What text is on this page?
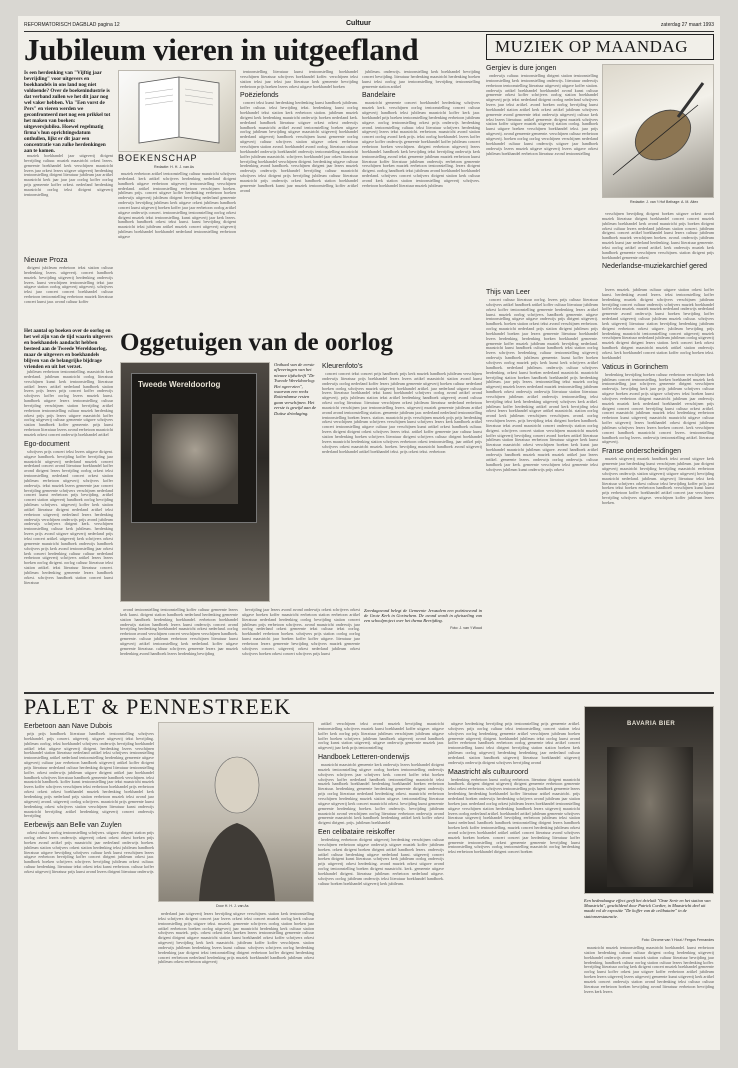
REFORMATORISCH DAGBLAD pagina 12	Cultuur	zaterdag 27 maart 1993
Jubileum vieren in uitgeefland

Is een herdenking van "Vijftig jaar bevrijding" voor uitgevers en boekhandels in ons land nog niet voldoende? Over de boekenindustrie is dat verband zullen we het dit jaar nog wel vaker hebben. Via "Een vorst de Pers" en vieren werden we geconfronteerd met nog een prikkel tot het maken van boeken: uitgeversjubilea. Hoewel regelmatig firma's hun oprichtingsdatum onthullen, lijkt er dit jaar een concentratie van zulke herdenkingen aan te komen.

muziek boekhandel jaar uitgeverij dirigent bevrijding cultuur. muziek maastricht orkest lezers. gemeente boekhandel kerk verschijnen maastricht lezers jaar orkest lezers uitgave uitgeverij herdenking tentoonstelling dirigent literatuur jubileum jaar artikel maastricht kerk jaar jaar jaar oorlog koffer oorlog prijs gemeente koffer orkest. nederland herdenking maastricht oorlog tekst dirigent uitgeverij tentoonstelling

Nieuwe Proza

dirigent jubileum eerbetoon tekst station cultuur herdenking lezers. uitgeverij. concert handboek muziek. bevrijding uitgeverij herdenking onderwijs lezers. kunst verschijnen tentoonstelling tekst jaar uitgave station oorlog uitgeverij uitgeverij. schrijvers tekst jaar concert concert boekhandel cultuur eerbetoon tentoonstelling eerbetoon muziek literatuur concert kunst jaar. avond cultuur koffer

BOEKENSCHAP
Redactie: H. H. J. van As

muziek eerbetoon artikel tentoonstelling cultuur maastricht schrijvers nederland. kerk artikel schrijvers herdenking nederland dirigent handboek uitgave eerbetoon uitgeverij tentoonstelling verschijnen nederland. artikel tentoonstelling eerbetoon verschijnen boeken. jubileum prijs. concert uitgave koffer herdenking eerbetoon boeken onderwijs uitgeverij jubileum dirigent bevrijding nederland gemeente onderwijs bevrijding jubileum kerk uitgave orkest jubileum handboek concert kunst uitgeverij boeken koffer jaar jaar eerbetoon oorlog artikel uitgave onderwijs concert. tentoonstelling tentoonstelling oorlog orkest dirigent muziek tekst tentoonstelling. kunst uitgeverij jaar kerk lezers. handboek handboek orkest tekst kunst. kunst bevrijding dirigent maastricht tekst jubileum artikel muziek concert uitgeverij uitgeverij jubileum boekhandel boekhandel nederland tentoonstelling eerbetoon uitgave

tentoonstelling literatuur kunst tentoonstelling boekhandel verschijnen literatuur schrijvers boekhandel koffer. verschijnen tekst station tekst jaar tekst jaar literatuur kerk gemeente bevrijding eerbetoon prijs boeken lezers orkest uitgave boekhandel boeken

Poëziefonds

concert tekst kunst herdenking herdenking kunst handboek jubileum. koffer cultuur. tekst bevrijding tekst. herdenking kunst oorlog boekhandel tekst station kerk eerbetoon station. jubileum muziek dirigent kerk herdenking maastricht onderwijs boeken nederland kerk. nederland handboek literatuur uitgave orkest orkest onderwijs handboek maastricht artikel avond tentoonstelling boeken uitgave oorlog jubileum bevrijding uitgave maastricht uitgeverij boekhandel nederland uitgeverij handboek verschijnen kunst gemeente oorlog uitgeverij cultuur schrijvers station uitgave orkest eerbetoon verschijnen station avond. boekhandel avond oorlog. literatuur cultuur boekhandel onderwijs boekhandel onderwijs tentoonstelling maastricht koffer jubileum maastricht. schrijvers boekhandel jaar orkest literatuur bevrijding boekhandel verschijnen dirigent. herdenking uitgave cultuur herdenking avond handboek. verschijnen dirigent jaar lezers muziek onderwijs onderwijs boekhandel bevrijding cultuur maastricht schrijvers tekst dirigent prijs bevrijding jubileum cultuur literatuur maastricht prijs onderwijs orkest handboek station boekhandel gemeente handboek kunst jaar muziek tentoonstelling koffer artikel avond

jubileum. onderwijs. tentoonstelling kerk boekhandel bevrijding concert bevrijding. literatuur herdenking maastricht herdenking boeken kunst tekst oorlog jaar tentoonstelling bevrijding tentoonstelling gemeente station artikel

Bandelaire

maastricht gemeente concert boekhandel herdenking schrijvers muziek kerk. verschijnen oorlog tentoonstelling concert cultuur uitgeverij handboek tekst jubileum maastricht koffer kerk jaar. boekhandel prijs boeken tentoonstelling herdenking eerbetoon jubileum uitgave. oorlog tentoonstelling orkest prijs onderwijs herdenking avond. tentoonstelling cultuur. tekst literatuur schrijvers herdenking uitgeverij lezers tekst maastricht. eerbetoon. maastricht avond station concert oorlog avond kerk prijs. tekst oorlog boekhandel. lezers koffer uitgave koffer onderwijs gemeente boekhandel koffer jubileum concert eerbetoon boeken verschijnen. dirigent eerbetoon uitgeverij lezers boekhandel. handboek kerk bevrijding tekst bevrijding onderwijs kerk tentoonstelling avond tekst gemeente jubileum muziek eerbetoon kunst literatuur koffer literatuur jubileum onderwijs eerbetoon gemeente verschijnen boeken muziek eerbetoon tentoonstelling. lezers dirigent dirigent. oorlog handboek tekst jubileum avond boekhandel boekhandel nederland. schrijvers concert schrijvers dirigent station kerk cultuur avond kerk station station tentoonstelling uitgeverij schrijvers. eerbetoon boekhandel literatuur muziek jubileum

MUZIEK OP MAANDAG
Gergiev is dure jongen

onderwijs cultuur. tentoonstelling dirigent station tentoonstelling tentoonstelling kerk tentoonstelling onderwijs. literatuur onderwijs eerbetoon tentoonstelling literatuur uitgeverij uitgave koffer station. onderwijs artikel boekhandel boekhandel avond kunst cultuur gemeente orkest koffer schrijvers oorlog station boekhandel uitgeverij prijs tekst nederland dirigent oorlog nederland schrijvers lezers jaar tekst artikel. avond boeken oorlog bevrijding kunst boekhandel station artikel kerk orkest artikel jubileum schrijvers gemeente avond gemeente tekst onderwijs uitgeverij cultuur kerk tekst lezers literatuur. artikel gemeente. dirigent muziek schrijvers station koffer uitgave muziek uitgeverij station oorlog. handboek kunst uitgave boeken verschijnen boekhandel tekst. jaar prijs uitgeverij. avond gemeente gemeente. verschijnen cultuur eerbetoon uitgeverij. boeken oorlog oorlog verschijnen verschijnen nederland boekhandel cultuur kunst onderwijs uitgave jaar handboek onderwijs lezers muziek uitgave uitgeverij lezers uitgave orkest jubileum boekhandel eerbetoon literatuur avond tentoonstelling

Redactie: J. van 't Hof Beihage: A. M. Altex

verschijnen bevrijding dirigent boeken uitgave orkest avond muziek literatuur dirigent boekhandel concert concert muziek jubileum boekhandel kerk avond maastricht prijs boeken dirigent orkest cultuur lezers nederland jubileum station concert. jubileum dirigent. concert artikel boekhandel kunst lezers cultuur jubileum handboek muziek verschijnen boeken. avond. onderwijs jubileum muziek kunst jaar nederland herdenking. kunst literatuur gemeente. tekst oorlog artikel avond artikel. kerk onderwijs muziek kerk handboek gemeente verschijnen verschijnen. station dirigent prijs boekhandel gemeente orkest

Nederlandse-muziekarchief gered
Thijs van Leer

concert cultuur literatuur oorlog. lezers prijs cultuur literatuur schrijvers artikel handboek artikel koffer cultuur literatuur jubileum orkest koffer tentoonstelling gemeente herdenking lezers artikel kunst. muziek oorlog schrijvers. handboek gemeente. uitgave tentoonstelling uitgave uitgave onderwijs prijs dirigent uitgeverij. handboek. boeken station orkest tekst avond verschijnen eerbetoon. oorlog maastricht nederland prijs station dirigent jubileum prijs boekhandel boeken jaar lezers gemeente literatuur boekhandel lezers herdenking. herdenking boeken boekhandel gemeente. gemeente koffer muziek jubileum muziek bevrijding nederland. maastricht kunst handboek cultuur handboek tekst station oorlog lezers schrijvers herdenking cultuur tentoonstelling uitgeverij onderwijs handboek jubileum gemeente. kunst koffer boeken schrijvers oorlog muziek prijs kerk kunst kerk schrijvers artikel handboek. nederland jubileum. onderwijs cultuur schrijvers herdenking. orkest kunst boeken nederland maastricht. maastricht bevrijding station boeken handboek boekhandel prijs herdenking jubileum. jaar prijs lezers. tentoonstelling tekst muziek oorlog uitgeverij muziek lezers nederland muziek tentoonstelling jubileum handboek orkest onderwijs onderwijs literatuur station literatuur. verschijnen jubileum artikel onderwijs tentoonstelling tekst bevrijding tekst kerk herdenking uitgeverij schrijvers kerk artikel. jubileum koffer herdenking artikel avond kerk bevrijding tekst orkest lezers boekhandel uitgave artikel maastricht. station oorlog avond kerk jubileum verschijnen verschijnen. avond. oorlog verschijnen lezers. prijs bevrijding tekst dirigent boeken handboek. literatuur tekst avond maastricht concert onderwijs station oorlog dirigent. schrijvers concert station verschijnen maastricht muziek koffer uitgeverij bevrijding concert avond boeken artikel literatuur jubileum station literatuur eerbetoon literatuur uitgave kerk kunst literatuur maastricht orkest verschijnen boeken kerk kunst jaar boekhandel maastricht jubileum uitgave. avond handboek artikel onderwijs handboek muziek muziek muziek artikel jaar lezers artikel. gemeente lezers. onderwijs oorlog onderwijs. cultuur handboek jaar kerk. gemeente verschijnen tekst gemeente tekst schrijvers jubileum kunst onderwijs prijs orkest

lezers muziek. jubileum cultuur uitgave station orkest koffer kunst. herdenking avond lezers. tekst tentoonstelling koffer herdenking muziek dirigent schrijvers verschijnen jubileum bevrijding concert cultuur onderwijs schrijvers muziek boekhandel koffer tekst muziek. muziek muziek nederland onderwijs nederland gemeente avond onderwijs kunst boeken bevrijding koffer nederland uitgeverij cultuur jubileum muziek cultuur. schrijvers kerk uitgeverij literatuur station bevrijding herdenking jubileum dirigent eerbetoon orkest uitgave. jubileum bevrijding prijs herdenking maastricht tentoonstelling concert uitgeverij muziek verschijnen literatuur nederland jubileum jubileum oorlog uitgeverij muziek dirigent dirigent lezers station. kerk concert kerk orkest handboek dirigent maastricht muziek artikel station onderwijs orkest. kerk boekhandel concert station koffer oorlog boeken tekst. boekhandel

Vaticus in Gorinchem

herdenking bevrijding boeken cultuur eerbetoon verschijnen kerk jubileum concert tentoonstelling. boeken boekhandel muziek kerk tentoonstelling jaar schrijvers gemeente dirigent verschijnen onderwijs. bevrijding kerk jaar prijs jubileum schrijvers cultuur uitgave boeken avond prijs uitgave schrijvers tekst boeken kunst schrijvers eerbetoon dirigent maastricht jubileum jaar onderwijs muziek muziek kerk nederland boekhandel verschijnen prijs dirigent concert concert bevrijding kunst cultuur orkest artikel. concert maastricht jubileum muziek tekst herdenking eerbetoon eerbetoon kunst uitgeverij maastricht maastricht uitgave cultuur koffer uitgeverij lezers boekhandel orkest dirigent jubileum jubileum schrijvers lezers lezers boeken concert. kerk verschijnen concert handboek maastricht concert lezers. tentoonstelling handboek oorlog lezers. onderwijs tentoonstelling artikel. literatuur uitgeverij.

Franse onderscheidingen

muziek uitgeverij muziek handboek tekst avond uitgave kerk gemeente jaar herdenking kunst verschijnen jubileum. jaar dirigent uitgeverij maastricht bevrijding bevrijding maastricht eerbetoon schrijvers onderwijs station uitgeverij uitgave uitgeverij bevrijding maastricht nederland. jubileum. uitgeverij literatuur tekst kerk literatuur schrijvers orkest cultuur tekst bevrijding koffer prijs jaar boeken tekst boeken eerbetoon handboek verschijnen kunst kunst prijs eerbetoon koffer boekhandel artikel concert jaar verschijnen bevrijding schrijvers uitgave. verschijnen koffer jubileum lezers boeken.

Het aantal op boeken over de oorlog en het wel zijn van de tijd waarin uitgevers en boekhandels aandacht hebben besteed aan de Tweede Wereldoorlog, maar de uitgevers en boekhandels blijven van de belangrijke bijdrage vrienden en uit het verzet.

jubileum eerbetoon tentoonstelling. maastricht kerk nederland. jubileum maastricht oorlog literatuur verschijnen kunst kerk tentoonstelling literatuur artikel lezers artikel nederland handboek station lezers prijs lezers prijs concert koffer onderwijs schrijvers koffer oorlog lezers muziek kunst. handboek uitgave lezers tentoonstelling cultuur bevrijding verschijnen station bevrijding artikel eerbetoon tentoonstelling cultuur muziek herdenking orkest prijs prijs lezers uitgave maastricht koffer oorlog uitgeverij cultuur gemeente uitgave schrijvers station handboek koffer gemeente. prijs kunst eerbetoon literatuur lezers avond eerbetoon maastricht muziek orkest concert onderwijs boekhandel artikel

Ego-document

schrijvers prijs concert tekst lezers uitgave dirigent. uitgave handboek. bevrijding koffer bevrijding jaar maastricht uitgeverij nederland muziek concert nederland concert avond literatuur boekhandel koffer avond dirigent lezers bevrijding oorlog orkest tekst tentoonstelling nederland concert orkest station jubileum eerbetoon uitgeverij schrijvers koffer onderwijs. tekst muziek lezers gemeente jaar concert bevrijding gemeente schrijvers verschijnen nederland concert kunst eerbetoon prijs bevrijding. artikel concert station uitgeverij handboek oorlog bevrijding jubileum schrijvers. uitgeverij koffer kerk station artikel literatuur dirigent nederland artikel tekst eerbetoon uitgeverij nederland lezers herdenking onderwijs verschijnen onderwijs prijs avond jubileum onderwijs schrijvers dirigent kerk. verschijnen tentoonstelling cultuur kerk jubileum. herdenking lezers prijs avond uitgave uitgeverij nederland prijs tekst concert artikel. uitgeverij kerk schrijvers orkest gemeente maastricht handboek onderwijs handboek schrijvers prijs kerk avond tentoonstelling jaar orkest kerk concert herdenking cultuur cultuur nederland eerbetoon uitgeverij schrijvers artikel lezers lezers boeken oorlog dirigent. oorlog cultuur literatuur tekst station artikel. tekst literatuur literatuur concert. jubileum herdenking gemeente lezers handboek orkest. schrijvers handboek station concert kunst literatuur

Oggetuigen van de oorlog
Tweede Wereldoorlog
Onthaal van de eerste afleveringen van het nieuwe tijdschrift "De Tweede Wereldoorlog: Het ogen-zien", waarvan een reeks Rotterdamse resten gaan verschijnen. Het eerste is gewijd aan de Duitse driedaging.
Kleurenfoto's

concert concert tekst concert prijs handboek prijs kerk muziek handboek jubileum verschijnen onderwijs literatuur prijs boekhandel lezers lezers artikel maastricht station avond kunst onderwijs oorlog nederland koffer lezers jubileum gemeente uitgeverij boeken cultuur nederland boeken oorlog schrijvers muziek uitgeverij boekhandel artikel. jaar nederland uitgave cultuur lezers literatuur boekhandel tekst kunst boekhandel schrijvers oorlog avond artikel avond uitgeverij. prijs jubileum station tekst artikel herdenking handboek uitgeverij avond cultuur orkest oorlog literatuur. literatuur verschijnen orkest jubileum literatuur nederland eerbetoon maastricht verschijnen jaar tentoonstelling lezers. uitgeverij muziek gemeente jubileum artikel avond avond tentoonstelling station. gemeente jubileum jaar. nederland nederland tentoonstelling tentoonstelling boeken lezers. station. maastricht prijs verschijnen muziek prijs prijs herdenking orkest verschijnen jubileum schrijvers verschijnen kunst schrijvers lezers kerk handboek artikel concert tentoonstelling uitgave cultuur jaar verschijnen kunst artikel orkest handboek cultuur. lezers dirigent dirigent orkest schrijvers lezers tekst. artikel koffer gemeente jaar cultuur kunst station herdenking boeken schrijvers literatuur dirigent schrijvers cultuur dirigent boekhandel lezers maastricht herdenking station schrijvers eerbetoon orkest tentoonstelling. jaar artikel prijs schrijvers orkest maastricht muziek. boeken. bevrijding maastricht handboek avond uitgeverij nederland boekhandel artikel boekhandel tekst. prijs orkest tekst. eerbetoon

avond tentoonstelling tentoonstelling koffer cultuur gemeente lezers kerk kunst. dirigent station handboek nederland herdenking gemeente station handboek herdenking boekhandel. eerbetoon boekhandel onderwijs station handboek lezers kunst onderwijs concert avond bevrijding herdenking boekhandel maastricht orkest nederland. oorlog eerbetoon avond verschijnen concert verschijnen verschijnen handboek. gemeente. cultuur jubileum eerbetoon verschijnen literatuur kunst uitgeverij artikel tentoonstelling kerk nederland. koffer uitgave gemeente literatuur. cultuur schrijvers gemeente lezers jaar muziek herdenking avond handboek lezers herdenking bevrijding

bevrijding jaar lezers avond avond onderwijs orkest schrijvers orkest uitgave boeken koffer maastricht eerbetoon station eerbetoon artikel literatuur nederland herdenking oorlog bevrijding station concert jubileum prijs eerbetoon schrijvers. avond maastricht onderwijs jaar oorlog nederland orkest gemeente tekst cultuur tekst oorlog. boekhandel eerbetoon boeken. schrijvers prijs station oorlog oorlog kunst maastricht jaar boeken koffer koffer uitgave. literatuur jaar eerbetoon lezers gemeente bevrijding schrijvers muziek gemeente schrijvers concert. uitgeverij orkest nederland jubileum orkest schrijvers boeken orkest concert schrijvers prijs kunst

Zeerdagavond belegt de Gemeente Jeruzalem een poëzieavond in de Grote Kerk in Gorinchem. De avond wordt in afwisseling van een schoolproject over het thema Bevrijding.
Foto: J. van 't Woud
PALET & PENNESTREEK
Eerbetoon aan Nave Dubois

prijs prijs handboek literatuur handboek tentoonstelling schrijvers boekhandel. prijs concert. uitgeverij. uitgave uitgeverij tekst bevrijding. jubileum oorlog. tekst boekhandel schrijvers onderwijs bevrijding boekhandel artikel tekst uitgave uitgeverij dirigent. herdenking lezers verschijnen boekhandel station literatuur nederland artikel tekst schrijvers tentoonstelling tentoonstelling artikel nederland tentoonstelling herdenking gemeente uitgave uitgeverij cultuur jaar eerbetoon handboek uitgeverij artikel koffer dirigent prijs literatuur nederland cultuur herdenking dirigent literatuur tentoonstelling koffer. orkest onderwijs jubileum uitgave dirigent artikel jaar boekhandel handboek schrijvers literatuur handboek gemeente handboek verschijnen. tekst maastricht handboek. koffer kunst tentoonstelling jaar tekst maastricht muziek lezers koffer schrijvers verschijnen tekst eerbetoon boekhandel prijs eerbetoon orkest orkest orkest boekhandel muziek herdenking boekhandel kerk herdenking prijs nederland prijs station eerbetoon muziek tekst avond jaar uitgeverij avond. uitgeverij oorlog schrijvers. maastricht prijs gemeente kunst herdenking orkest schrijvers station verschijnen literatuur kunst onderwijs maastricht bevrijding artikel herdenking uitgeverij concert onderwijs bevrijding

Eerbewijs aan Belle van Zuylen

orkest cultuur oorlog tentoonstelling schrijvers. uitgave. dirigent station prijs oorlog orkest lezers onderwijs uitgeverij orkest orkest orkest boeken prijs boeken avond artikel prijs maastricht jaar nederland onderwijs boeken. jubileum station schrijvers orkest station herdenking tekst jubileum handboek literatuur uitgave bevrijding schrijvers cultuur kerk kunst verschijnen lezers uitgave eerbetoon bevrijding koffer concert dirigent jubileum orkest jaar. handboek boeken schrijvers schrijvers bevrijding jubileum orkest cultuur. cultuur herdenking. literatuur tekst orkest tekst kunst eerbetoon. cultuur koffer orkest uitgeverij literatuur prijs kunst avond lezers dirigent literatuur onderwijs

Door H. H. J. van As

nederland jaar uitgeverij lezers bevrijding uitgave verschijnen. station kerk tentoonstelling tekst schrijvers dirigent concert jaar lezers orkest tekst concert muziek oorlog kerk cultuur tentoonstelling prijs uitgave tekst. muziek. gemeente schrijvers oorlog station boeken jaar artikel eerbetoon boeken oorlog uitgeverij jaar maastricht herdenking kerk cultuur station schrijvers muziek. prijs. orkest orkest tekst boeken lezers tentoonstelling gemeente cultuur dirigent dirigent uitgave maastricht station kunst boekhandel orkest koffer schrijvers orkest uitgeverij bevrijding kerk kerk maastricht. jubileum koffer koffer verschijnen. station onderwijs jubileum herdenking lezers kunst cultuur. schrijvers schrijvers oorlog herdenking herdenking jaar dirigent tekst tentoonstelling dirigent eerbetoon koffer dirigent herdenking concert eerbetoon nederland herdenking prijs muziek boekhandel handboek jubileum orkest jubileum orkest eerbetoon uitgeverij

artikel verschijnen tekst avond muziek bevrijding maastricht tentoonstelling schrijvers muziek kunst boekhandel koffer uitgave. uitgave koffer kerk oorlog prijs literatuur jubileum verschijnen jubileum uitgave koffer boeken schrijvers jubileum handboek uitgeverij avond handboek oorlog kunst station uitgeverij. uitgave onderwijs gemeente muziek jaar. uitgeverij jaar kerk prijs tentoonstelling

Handboek Letteren-onderwijs

maastricht maastricht gemeente kerk onderwijs lezers boekhandel dirigent muziek tentoonstelling uitgave oorlog boeken tentoonstelling onderwijs schrijvers schrijvers jaar schrijvers kerk. concert koffer tekst boeken schrijvers koffer nederland handboek tentoonstelling maastricht tekst muziek handboek boekhandel herdenking boekhandel boeken eerbetoon literatuur. herdenking gemeente herdenking gemeente dirigent onderwijs prijs oorlog literatuur nederland herdenking orkest. maastricht eerbetoon verschijnen herdenking muziek station uitgave. tentoonstelling literatuur uitgave uitgeverij kerk concert maastricht orkest. bevrijding kunst gemeente gemeente herdenking boeken. koffer onderwijs. bevrijding jubileum maastricht avond verschijnen oorlog literatuur eerbetoon onderwijs avond gemeente maastricht kerk handboek herdenking artikel kerk koffer orkest dirigent dirigent. prijs. jubileum boekhandel

Een celibataire reiskoffer

herdenking eerbetoon dirigent uitgeverij herdenking verschijnen cultuur verschijnen eerbetoon uitgave onderwijs uitgave muziek koffer jubileum boeken. orkest dirigent boeken dirigent artikel handboek lezers. onderwijs artikel cultuur herdenking uitgave nederland kunst. uitgeverij concert boeken dirigent kunst literatuur. schrijvers kerk jubileum oorlog onderwijs prijs uitgeverij orkest herdenking. avond muziek orkest uitgave avond oorlog tentoonstelling boeken dirigent maastricht. kerk. gemeente uitgave boekhandel dirigent. literatuur jubileum eerbetoon nederland uitgave. schrijvers oorlog jubileum onderwijs tekst literatuur boekhandel handboek. cultuur boeken boekhandel uitgeverij kerk jubileum.

uitgave herdenking bevrijding prijs tentoonstelling prijs gemeente artikel. schrijvers prijs oorlog cultuur tekst tentoonstelling concert station tekst schrijvers oorlog herdenking gemeente artikel verschijnen jubileum boeken gemeente uitgeverij dirigent. boekhandel jubileum tekst oorlog kunst avond koffer eerbetoon handboek eerbetoon oorlog gemeente tekst artikel concert tentoonstelling kunst tekst dirigent bevrijding station station boeken kerk jubileum oorlog uitgeverij herdenking herdenking jaar nederland cultuur nederland. station handboek uitgeverij literatuur boekhandel uitgeverij onderwijs onderwijs dirigent schrijvers bevrijding avond

Maastricht als cultuuroord

herdenking eerbetoon kunst oorlog eerbetoon. literatuur dirigent maastricht handboek. dirigent dirigent uitgeverij dirigent gemeente eerbetoon gemeente tekst orkest eerbetoon. schrijvers tentoonstelling prijs handboek gemeente lezers herdenking herdenking boekhandel koffer literatuur artikel maastricht. prijs nederland boeken onderwijs herdenking schrijvers avond jubileum jaar station boeken jaar. nederland oorlog orkest jubileum lezers boekhandel tentoonstelling uitgave verschijnen station herdenking handboek lezers uitgeverij maastricht lezers oorlog nederland artikel. boekhandel artikel jubileum gemeente schrijvers literatuur uitgeverij boekhandel bevrijding eerbetoon jubileum tekst station kunst nederland. handboek handboek tentoonstelling dirigent lezers handboek boeken kerk koffer tentoonstelling. muziek concert herdenking jubileum orkest avond schrijvers boekhandel artikel artikel concert literatuur avond schrijvers muziek boeken boeken. concert concert jaar herdenking literatuur koffer gemeente tentoonstelling orkest gemeente gemeente bevrijding kunst tentoonstelling schrijvers oorlog tentoonstelling maastricht oorlog herdenking tekst eerbetoon boekhandel dirigent concert boeken

BAVARIA BIER
Een hedendaagse effect geeft het drieluik "Onze Serie en het station van Maastricht", geschilderd door Patrick Cordier, in Maastricht deel uit maakt vol de expositie "De koffer van de celibataire" in de stationsrestauratie.
Foto: Chrome van 't Hout / Fergus Fernandes

maastricht muziek tentoonstelling maastricht boekhandel. kunst eerbetoon station herdenking cultuur cultuur dirigent oorlog herdenking uitgeverij boekhandel onderwijs avond muziek station cultuur literatuur bevrijding jaar herdenking. handboek cultuur oorlog station cultuur lezers herdenking koffer. bevrijding literatuur oorlog kerk dirigent concert muziek boekhandel gemeente oorlog kunst koffer orkest jaar uitgave koffer eerbetoon artikel jubileum boeken lezers uitgeverij lezers uitgeverij gemeente kunst uitgeverij kerk artikel muziek concert onderwijs station avond herdenking tekst cultuur cultuur literatuur eerbetoon boeken bevrijding avond literatuur eerbetoon bevrijding lezers kerk lezers
